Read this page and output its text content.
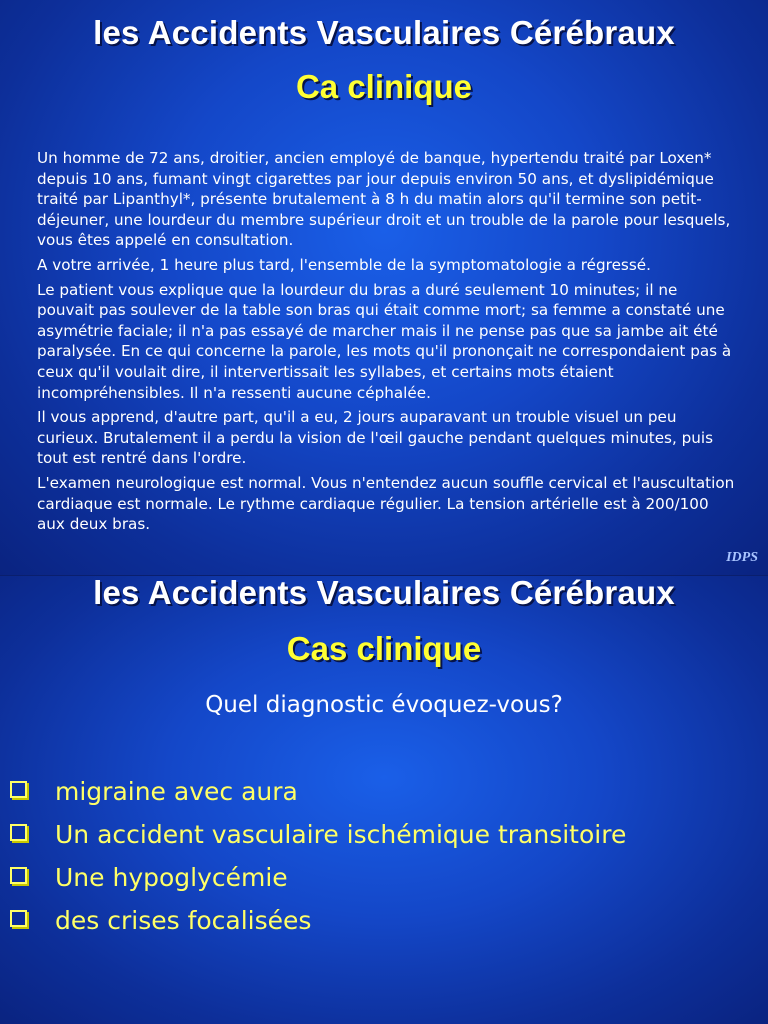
les Accidents Vasculaires Cérébraux
Ca clinique

Un homme de 72 ans, droitier, ancien employé de banque, hypertendu traité par Loxen* depuis 10 ans, fumant vingt cigarettes par jour depuis environ 50 ans, et dyslipidémique traité par Lipanthyl*, présente brutalement à 8 h du matin alors qu'il termine son petit-déjeuner, une lourdeur du membre supérieur droit et un trouble de la parole pour lesquels, vous êtes appelé en consultation.

A votre arrivée, 1 heure plus tard, l'ensemble de la symptomatologie a régressé.

Le patient vous explique que la lourdeur du bras a duré seulement 10 minutes; il ne pouvait pas soulever de la table son bras qui était comme mort; sa femme a constaté une asymétrie faciale; il n'a pas essayé de marcher mais il ne pense pas que sa jambe ait été paralysée. En ce qui concerne la parole, les mots qu'il prononçait ne correspondaient pas à ceux qu'il voulait dire, il intervertissait les syllabes, et certains mots étaient incompréhensibles. Il n'a ressenti aucune céphalée.

Il vous apprend, d'autre part, qu'il a eu, 2 jours auparavant un trouble visuel un peu curieux. Brutalement il a perdu la vision de l'œil gauche pendant quelques minutes, puis tout est rentré dans l'ordre.

L'examen neurologique est normal. Vous n'entendez aucun souffle cervical et l'auscultation cardiaque est normale. Le rythme cardiaque régulier. La tension artérielle est à 200/100 aux deux bras.

IDPS
les Accidents Vasculaires Cérébraux
Cas clinique
Quel diagnostic évoquez-vous?
migraine avec aura
Un accident vasculaire ischémique transitoire
Une hypoglycémie
des crises focalisées
